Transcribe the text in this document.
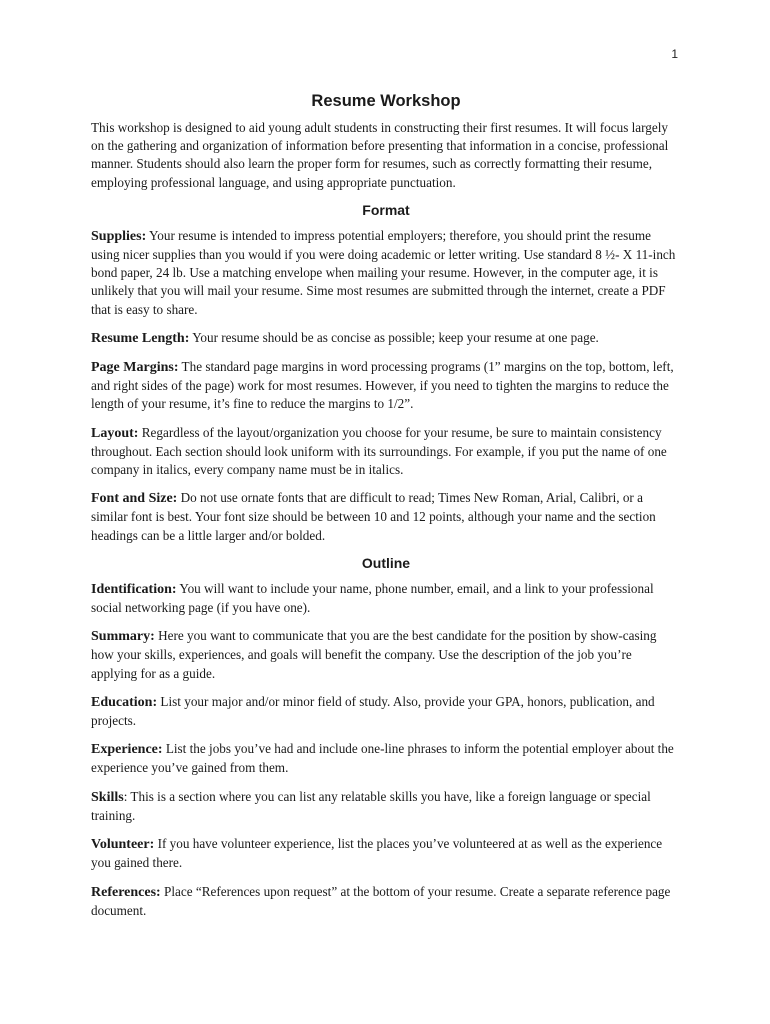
1
Resume Workshop

This workshop is designed to aid young adult students in constructing their first resumes. It will focus largely on the gathering and organization of information before presenting that information in a concise, professional manner. Students should also learn the proper form for resumes, such as correctly formatting their resume, employing professional language, and using appropriate punctuation.

Format

Supplies: Your resume is intended to impress potential employers; therefore, you should print the resume using nicer supplies than you would if you were doing academic or letter writing. Use standard 8 ½- X 11-inch bond paper, 24 lb. Use a matching envelope when mailing your resume. However, in the computer age, it is unlikely that you will mail your resume. Sime most resumes are submitted through the internet, create a PDF that is easy to share.

Resume Length: Your resume should be as concise as possible; keep your resume at one page.

Page Margins: The standard page margins in word processing programs (1” margins on the top, bottom, left, and right sides of the page) work for most resumes. However, if you need to tighten the margins to reduce the length of your resume, it’s fine to reduce the margins to 1/2”.

Layout: Regardless of the layout/organization you choose for your resume, be sure to maintain consistency throughout. Each section should look uniform with its surroundings. For example, if you put the name of one company in italics, every company name must be in italics.

Font and Size: Do not use ornate fonts that are difficult to read; Times New Roman, Arial, Calibri, or a similar font is best. Your font size should be between 10 and 12 points, although your name and the section headings can be a little larger and/or bolded.

Outline

Identification: You will want to include your name, phone number, email, and a link to your professional social networking page (if you have one).

Summary: Here you want to communicate that you are the best candidate for the position by show-casing how your skills, experiences, and goals will benefit the company. Use the description of the job you’re applying for as a guide.

Education: List your major and/or minor field of study. Also, provide your GPA, honors, publication, and projects.

Experience: List the jobs you’ve had and include one-line phrases to inform the potential employer about the experience you’ve gained from them.

Skills: This is a section where you can list any relatable skills you have, like a foreign language or special training.

Volunteer: If you have volunteer experience, list the places you’ve volunteered at as well as the experience you gained there.

References: Place “References upon request” at the bottom of your resume. Create a separate reference page document.
